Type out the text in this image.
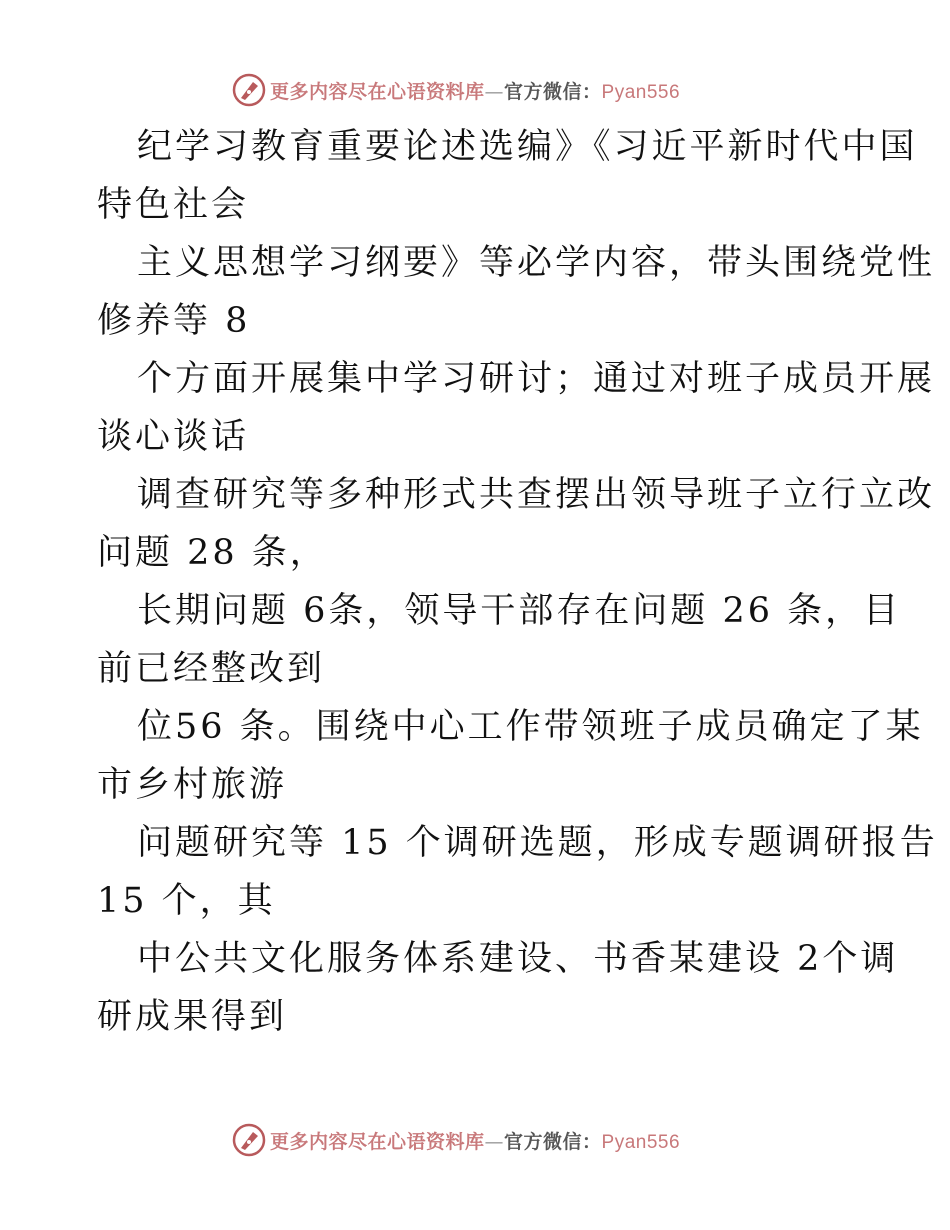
更多内容尽在心语资料库—官方微信：Pyan556
纪学习教育重要论述选编》《习近平新时代中国
特色社会
主义思想学习纲要》等必学内容，带头围绕党性
修养等 8
个方面开展集中学习研讨；通过对班子成员开展
谈心谈话
调查研究等多种形式共查摆出领导班子立行立改
问题 28 条，
长期问题 6条，领导干部存在问题 26 条，目
前已经整改到
位56 条。围绕中心工作带领班子成员确定了某
市乡村旅游
问题研究等 15 个调研选题，形成专题调研报告
15 个，其
中公共文化服务体系建设、书香某建设 2个调
研成果得到
更多内容尽在心语资料库—官方微信：Pyan556
